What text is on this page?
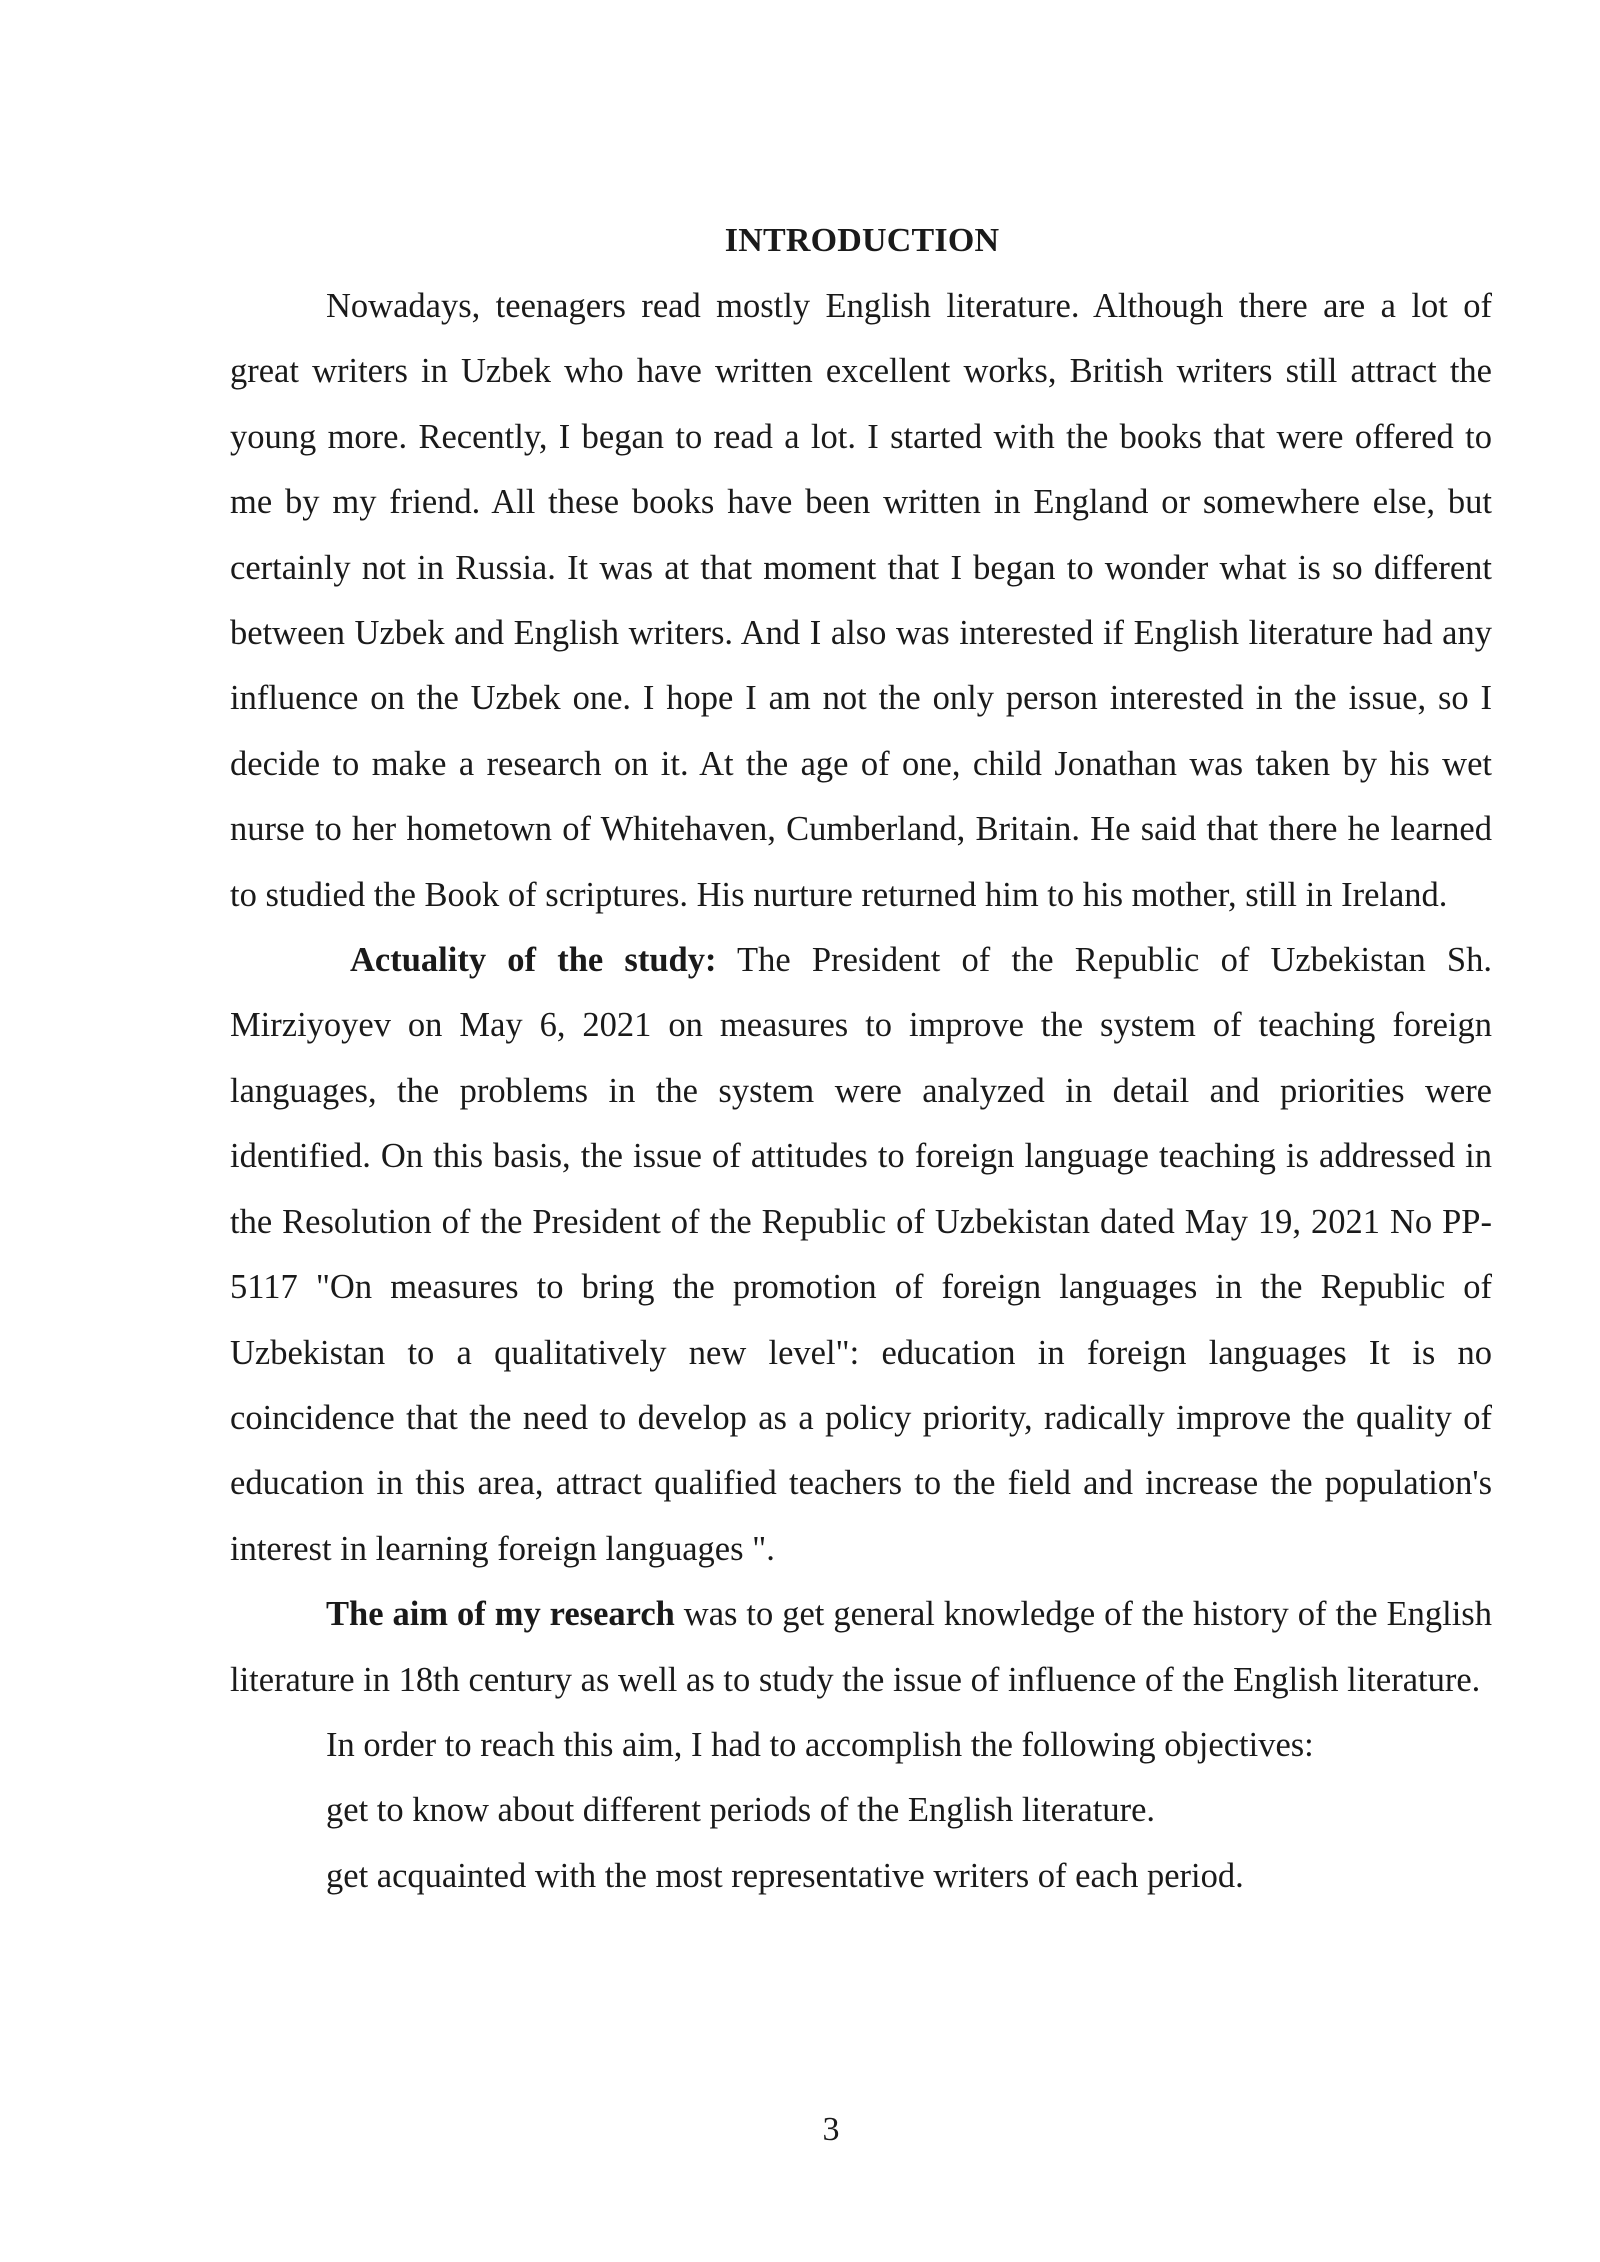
INTRODUCTION

Nowadays, teenagers read mostly English literature. Although there are a lot of great writers in Uzbek who have written excellent works, British writers still attract the young more. Recently, I began to read a lot. I started with the books that were offered to me by my friend. All these books have been written in England or somewhere else, but certainly not in Russia. It was at that moment that I began to wonder what is so different between Uzbek and English writers. And I also was interested if English literature had any influence on the Uzbek one. I hope I am not the only person interested in the issue, so I decide to make a research on it. At the age of one, child Jonathan was taken by his wet nurse to her hometown of Whitehaven, Cumberland, Britain. He said that there he learned to studied the Book of scriptures. His nurture returned him to his mother, still in Ireland.

Actuality of the study: The President of the Republic of Uzbekistan Sh. Mirziyoyev on May 6, 2021 on measures to improve the system of teaching foreign languages, the problems in the system were analyzed in detail and priorities were identified. On this basis, the issue of attitudes to foreign language teaching is addressed in the Resolution of the President of the Republic of Uzbekistan dated May 19, 2021 No PP-5117 "On measures to bring the promotion of foreign languages in the Republic of Uzbekistan to a qualitatively new level": education in foreign languages It is no coincidence that the need to develop as a policy priority, radically improve the quality of education in this area, attract qualified teachers to the field and increase the population's interest in learning foreign languages ".

The aim of my research was to get general knowledge of the history of the English literature in 18th century as well as to study the issue of influence of the English literature.

In order to reach this aim, I had to accomplish the following objectives:
get to know about different periods of the English literature.
get acquainted with the most representative writers of each period.
3
